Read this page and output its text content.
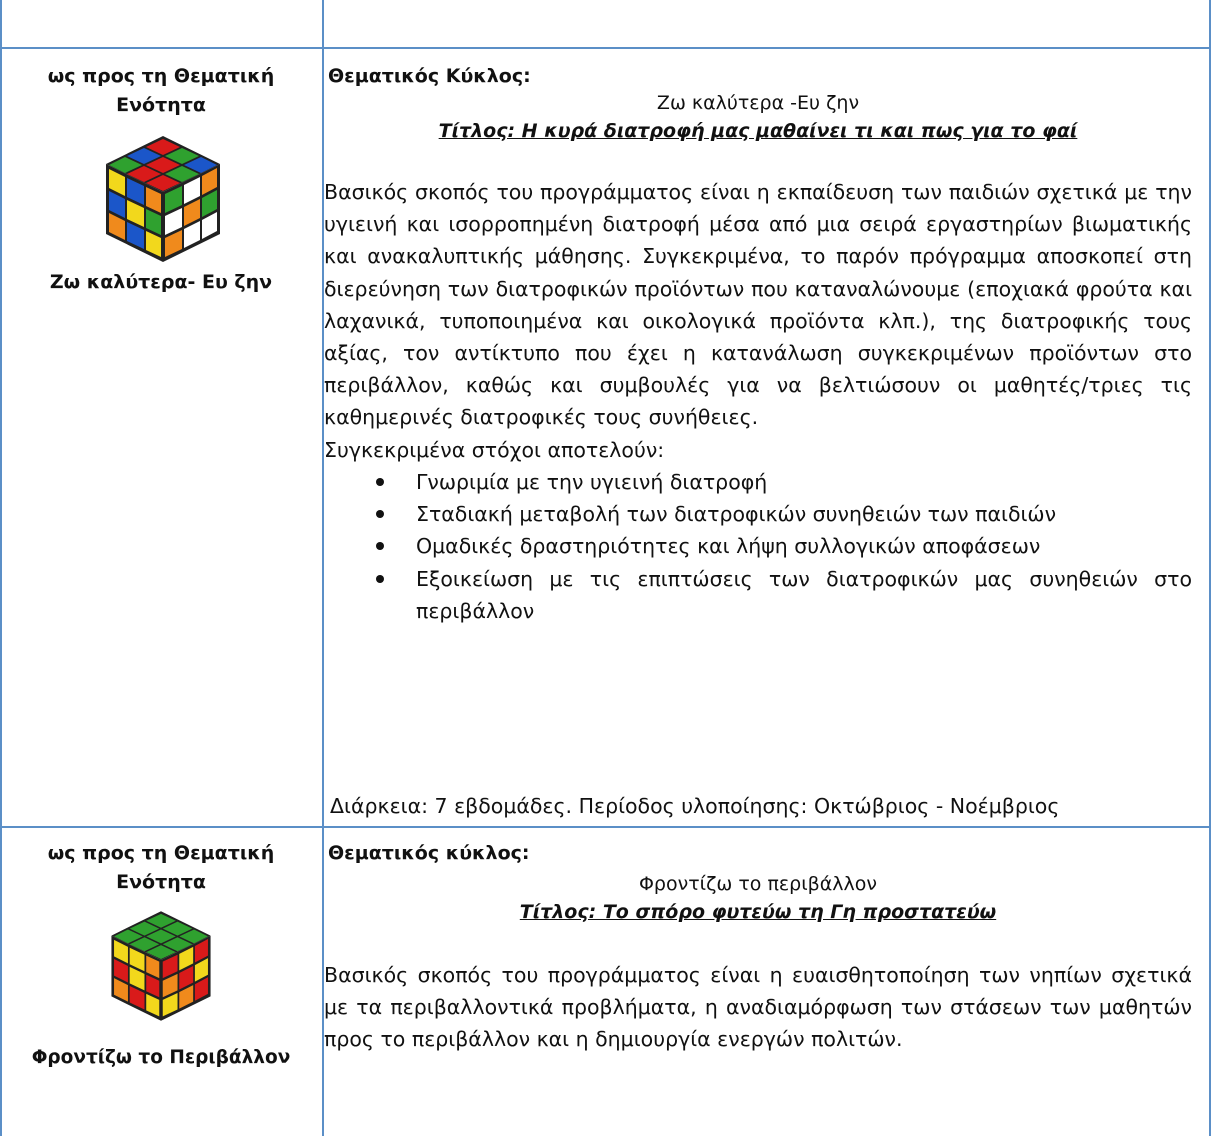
ως προς τη Θεματική Ενότητα
Ζω καλύτερα- Ευ ζην
Θεματικός Κύκλος:
Ζω καλύτερα -Ευ ζην
Τίτλος: Η κυρά διατροφή μας μαθαίνει τι και πως για το φαί
Βασικός σκοπός του προγράμματος είναι η εκπαίδευση των παιδιών σχετικά με την υγιεινή και ισορροπημένη διατροφή μέσα από μια σειρά εργαστηρίων βιωματικής και ανακαλυπτικής μάθησης. Συγκεκριμένα, το παρόν πρόγραμμα αποσκοπεί στη διερεύνηση των διατροφικών προϊόντων που καταναλώνουμε (εποχιακά φρούτα και λαχανικά, τυποποιημένα και οικολογικά προϊόντα κλπ.), της διατροφικής τους αξίας, τον αντίκτυπο που έχει η κατανάλωση συγκεκριμένων προϊόντων στο περιβάλλον, καθώς και συμβουλές για να βελτιώσουν οι μαθητές/τριες τις καθημερινές διατροφικές τους συνήθειες.
Συγκεκριμένα στόχοι αποτελούν:
Γνωριμία με την υγιεινή διατροφή
Σταδιακή μεταβολή των διατροφικών συνηθειών των παιδιών
Ομαδικές δραστηριότητες και λήψη συλλογικών αποφάσεων
Εξοικείωση με τις επιπτώσεις των διατροφικών μας συνηθειών στο περιβάλλον
Διάρκεια: 7 εβδομάδες. Περίοδος υλοποίησης: Οκτώβριος - Νοέμβριος
ως προς τη Θεματική Ενότητα
Φροντίζω το Περιβάλλον
Θεματικός κύκλος:
Φροντίζω το περιβάλλον
Τίτλος: Το σπόρο φυτεύω τη Γη προστατεύω
Βασικός σκοπός του προγράμματος είναι η ευαισθητοποίηση των νηπίων σχετικά με τα περιβαλλοντικά προβλήματα, η αναδιαμόρφωση των στάσεων των μαθητών προς το περιβάλλον και η δημιουργία ενεργών πολιτών.
